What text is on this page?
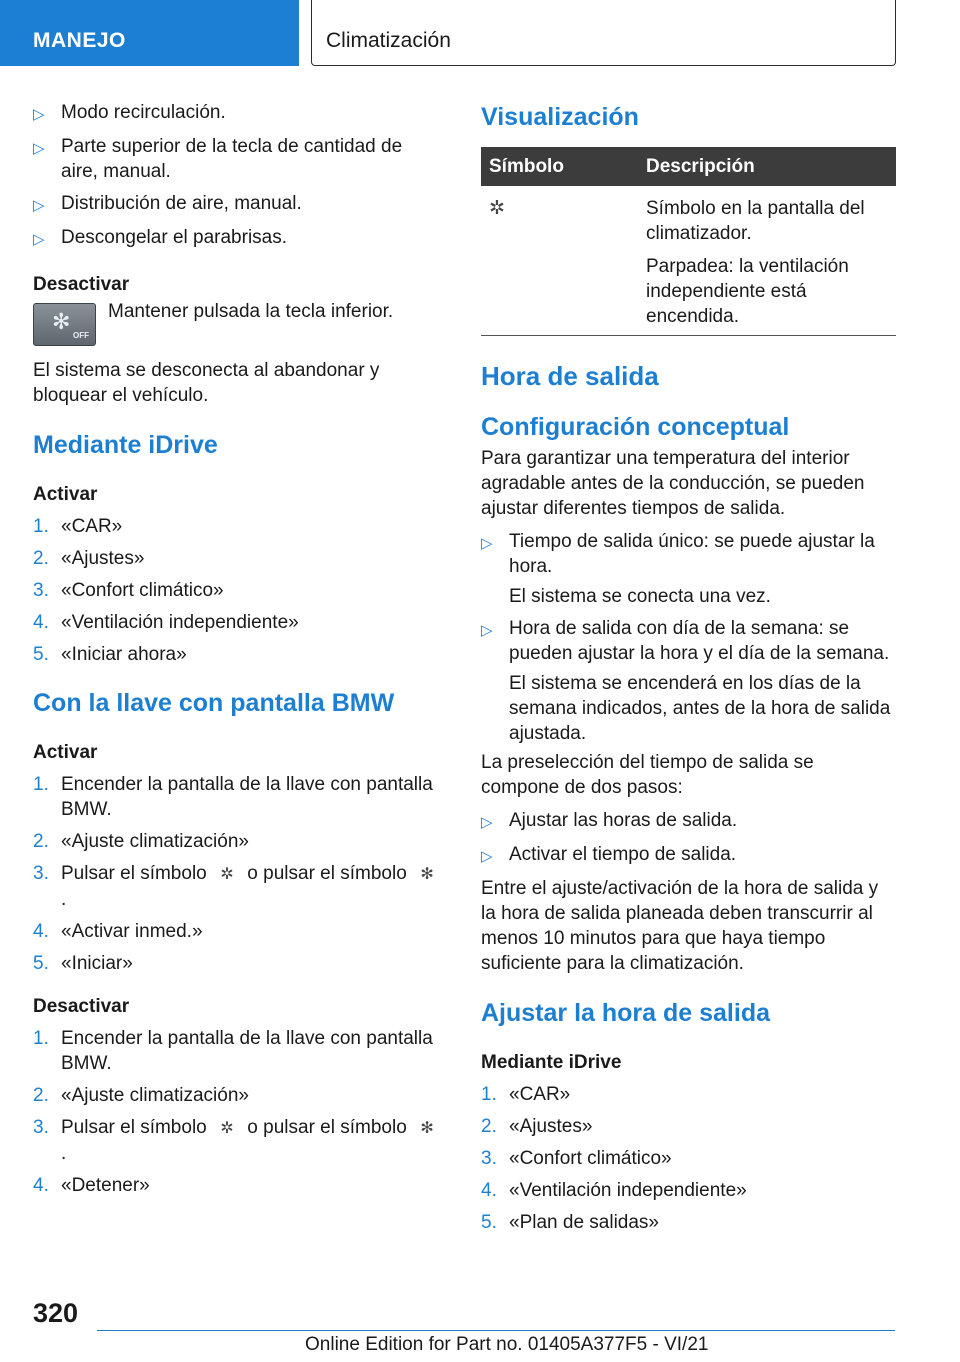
MANEJO	Climatización
▷ Modo recirculación.
▷ Parte superior de la tecla de cantidad de aire, manual.
▷ Distribución de aire, manual.
▷ Descongelar el parabrisas.
Desactivar
✻
OFF
Mantener pulsada la tecla inferior.
El sistema se desconecta al abandonar y bloquear el vehículo.
Mediante iDrive
Activar
1. «CAR»
2. «Ajustes»
3. «Confort climático»
4. «Ventilación independiente»
5. «Iniciar ahora»
Con la llave con pantalla BMW
Activar
1. Encender la pantalla de la llave con pantalla BMW.
2. «Ajuste climatización»
3. Pulsar el símbolo ✲ o pulsar el símbolo ✻ .
4. «Activar inmed.»
5. «Iniciar»
Desactivar
1. Encender la pantalla de la llave con pantalla BMW.
2. «Ajuste climatización»
3. Pulsar el símbolo ✲ o pulsar el símbolo ✻ .
4. «Detener»
Visualización
Símbolo	Descripción
✲	Símbolo en la pantalla del climatizador.
Parpadea: la ventilación independiente está encendida.
Hora de salida
Configuración conceptual
Para garantizar una temperatura del interior agradable antes de la conducción, se pueden ajustar diferentes tiempos de salida.
▷ Tiempo de salida único: se puede ajustar la hora.
El sistema se conecta una vez.
▷ Hora de salida con día de la semana: se pueden ajustar la hora y el día de la semana.
El sistema se encenderá en los días de la semana indicados, antes de la hora de salida ajustada.
La preselección del tiempo de salida se compone de dos pasos:
▷ Ajustar las horas de salida.
▷ Activar el tiempo de salida.
Entre el ajuste/activación de la hora de salida y la hora de salida planeada deben transcurrir al menos 10 minutos para que haya tiempo suficiente para la climatización.
Ajustar la hora de salida
Mediante iDrive
1. «CAR»
2. «Ajustes»
3. «Confort climático»
4. «Ventilación independiente»
5. «Plan de salidas»
320
Online Edition for Part no. 01405A377F5 - VI/21
